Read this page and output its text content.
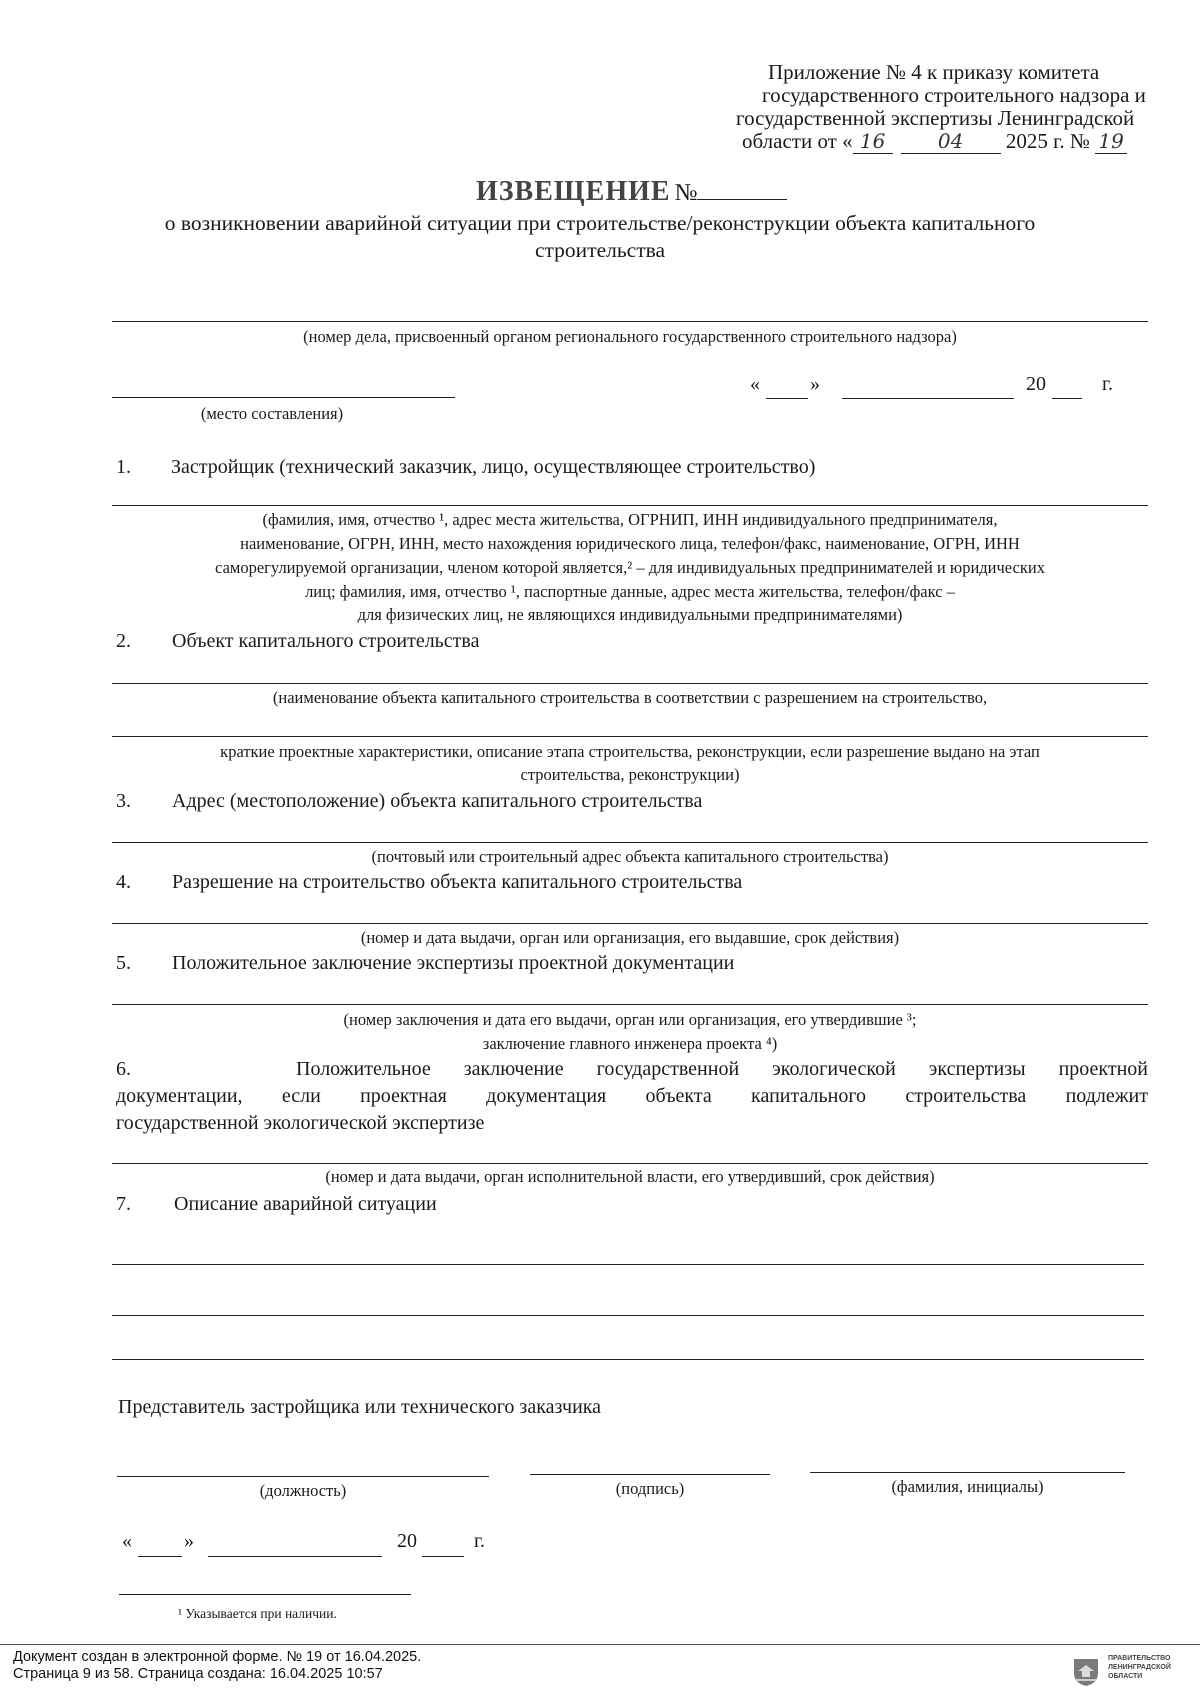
Приложение № 4 к приказу комитета
государственного строительного надзора и
государственной экспертизы Ленинградской
области от « 16	04 2025 г. № 19
ИЗВЕЩЕНИЕ №
о возникновении аварийной ситуации при строительстве/реконструкции объекта капитального
строительства
(номер дела, присвоенный органом регионального государственного строительного надзора)
(место составления)
«	»	20	г.
1. Застройщик (технический заказчик, лицо, осуществляющее строительство)
(фамилия, имя, отчество ¹, адрес места жительства, ОГРНИП, ИНН индивидуального предпринимателя,
наименование, ОГРН, ИНН, место нахождения юридического лица, телефон/факс, наименование, ОГРН, ИНН
саморегулируемой организации, членом которой является,² – для индивидуальных предпринимателей и юридических
лиц; фамилия, имя, отчество ¹, паспортные данные, адрес места жительства, телефон/факс –
для физических лиц, не являющихся индивидуальными предпринимателями)
2. Объект капитального строительства
(наименование объекта капитального строительства в соответствии с разрешением на строительство,
краткие проектные характеристики, описание этапа строительства, реконструкции, если разрешение выдано на этап
строительства, реконструкции)
3. Адрес (местоположение) объекта капитального строительства
(почтовый или строительный адрес объекта капитального строительства)
4. Разрешение на строительство объекта капитального строительства
(номер и дата выдачи, орган или организация, его выдавшие, срок действия)
5. Положительное заключение экспертизы проектной документации
(номер заключения и дата его выдачи, орган или организация, его утвердившие ³;
заключение главного инженера проекта ⁴)
6.	Положительное заключение государственной экологической экспертизы проектной
документации, если проектная документация объекта капитального строительства подлежит
государственной экологической экспертизе
(номер и дата выдачи, орган исполнительной власти, его утвердивший, срок действия)
7. Описание аварийной ситуации
Представитель застройщика или технического заказчика
(должность)	(подпись)	(фамилия, инициалы)
«	»	20	г.
¹ Указывается при наличии.
Документ создан в электронной форме. № 19 от 16.04.2025.
Страница 9 из 58. Страница создана: 16.04.2025 10:57
ПРАВИТЕЛЬСТВО
ЛЕНИНГРАДСКОЙ
ОБЛАСТИ
